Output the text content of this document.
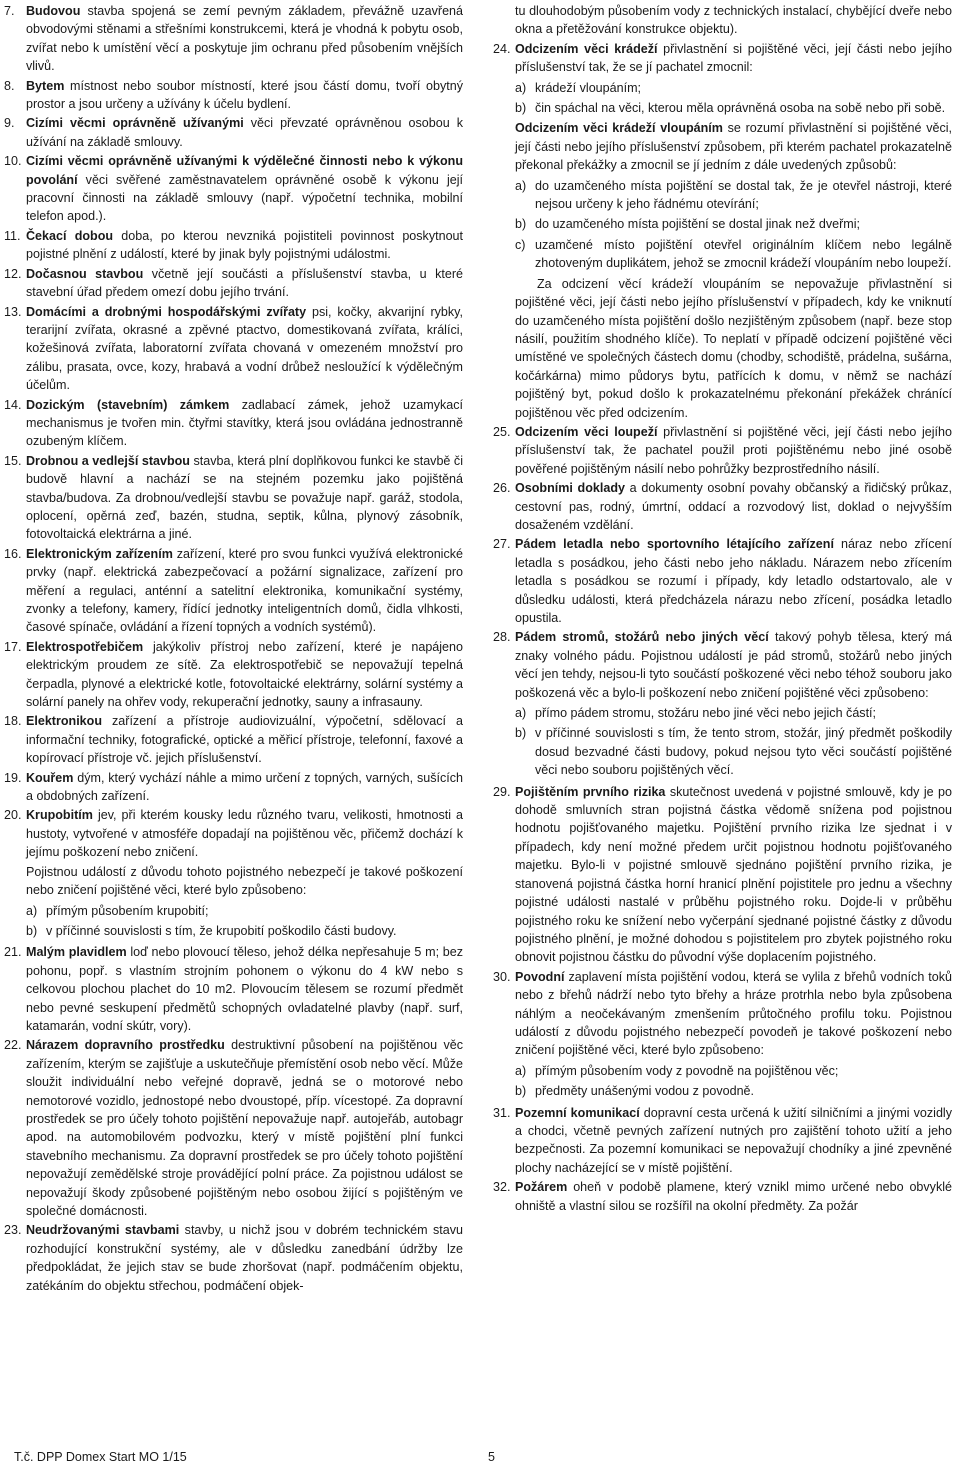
7. Budovou stavba spojená se zemí pevným základem, převážně uzavřená obvodovými stěnami a střešními konstrukcemi, která je vhodná k pobytu osob, zvířat nebo k umístění věcí a poskytuje jim ochranu před působením vnějších vlivů.

8. Bytem místnost nebo soubor místností, které jsou částí domu, tvoří obytný prostor a jsou určeny a užívány k účelu bydlení.

9. Cizími věcmi oprávněně užívanými věci převzaté oprávněnou osobou k užívání na základě smlouvy.

10. Cizími věcmi oprávněně užívanými k výdělečné činnosti nebo k výkonu povolání věci svěřené zaměstnavatelem oprávněné osobě k výkonu její pracovní činnosti na základě smlouvy (např. výpočetní technika, mobilní telefon apod.).

11. Čekací dobou doba, po kterou nevzniká pojistiteli povinnost poskytnout pojistné plnění z událostí, které by jinak byly pojistnými událostmi.

12. Dočasnou stavbou včetně její součásti a příslušenství stavba, u které stavební úřad předem omezí dobu jejího trvání.

13. Domácími a drobnými hospodářskými zvířaty psi, kočky, akvarijní rybky, terarijní zvířata, okrasné a zpěvné ptactvo, domestikovaná zvířata, králíci, kožešinová zvířata, laboratorní zvířata chovaná v omezeném množství pro zálibu, prasata, ovce, kozy, hrabavá a vodní drůbež nesloužící k výdělečným účelům.

14. Dozickým (stavebním) zámkem zadlabací zámek, jehož uzamykací mechanismus je tvořen min. čtyřmi stavítky, která jsou ovládána jednostranně ozubeným klíčem.

15. Drobnou a vedlejší stavbou stavba, která plní doplňkovou funkci ke stavbě či budově hlavní a nachází se na stejném pozemku jako pojištěná stavba/budova. Za drobnou/vedlejší stavbu se považuje např. garáž, stodola, oplocení, opěrná zeď, bazén, studna, septik, kůlna, plynový zásobník, fotovoltaická elektrárna a jiné.

16. Elektronickým zařízením zařízení, které pro svou funkci využívá elektronické prvky (např. elektrická zabezpečovací a požární signalizace, zařízení pro měření a regulaci, anténní a satelitní elektronika, komunikační systémy, zvonky a telefony, kamery, řídící jednotky inteligentních domů, čidla vlhkosti, časové spínače, ovládání a řízení topných a vodních systémů).

17. Elektrospotřebičem jakýkoliv přístroj nebo zařízení, které je napájeno elektrickým proudem ze sítě. Za elektrospotřebič se nepovažují tepelná čerpadla, plynové a elektrické kotle, fotovoltaické elektrárny, solární systémy a solární panely na ohřev vody, rekuperační jednotky, sauny a infrasauny.

18. Elektronikou zařízení a přístroje audiovizuální, výpočetní, sdělovací a informační techniky, fotografické, optické a měřicí přístroje, telefonní, faxové a kopírovací přístroje vč. jejich příslušenství.

19. Kouřem dým, který vychází náhle a mimo určení z topných, varných, sušících a obdobných zařízení.

20. Krupobitím jev, při kterém kousky ledu různého tvaru, velikosti, hmotnosti a hustoty, vytvořené v atmosféře dopadají na pojištěnou věc, přičemž dochází k jejímu poškození nebo zničení.

Pojistnou událostí z důvodu tohoto pojistného nebezpečí je takové poškození nebo zničení pojištěné věci, které bylo způsobeno:

a) přímým působením krupobití;
b) v příčinné souvislosti s tím, že krupobití poškodilo části budovy.
21. Malým plavidlem loď nebo plovoucí těleso, jehož délka nepřesahuje 5 m; bez pohonu, popř. s vlastním strojním pohonem o výkonu do 4 kW nebo s celkovou plochou plachet do 10 m2. Plovoucím tělesem se rozumí předmět nebo pevné seskupení předmětů schopných ovladatelné plavby (např. surf, katamarán, vodní skútr, vory).

22. Nárazem dopravního prostředku destruktivní působení na pojištěnou věc zařízením, kterým se zajišťuje a uskutečňuje přemístění osob nebo věcí. Může sloužit individuální nebo veřejné dopravě, jedná se o motorové nebo nemotorové vozidlo, jednostopé nebo dvoustopé, příp. vícestopé. Za dopravní prostředek se pro účely tohoto pojištění nepovažuje např. autojeřáb, autobagr apod. na automobilovém podvozku, který v místě pojištění plní funkci stavebního mechanismu. Za dopravní prostředek se pro účely tohoto pojištění nepovažují zemědělské stroje provádějící polní práce. Za pojistnou událost se nepovažují škody způsobené pojištěným nebo osobou žijící s pojištěným ve společné domácnosti.

23. Neudržovanými stavbami stavby, u nichž jsou v dobrém technickém stavu rozhodující konstrukční systémy, ale v důsledku zanedbání údržby lze předpokládat, že jejich stav se bude zhoršovat (např. podmáčením objektu, zatékáním do objektu střechou, podmáčení objek-

tu dlouhodobým působením vody z technických instalací, chybějící dveře nebo okna a přetěžování konstrukce objektu).
24. Odcizením věci krádeží přivlastnění si pojištěné věci, její části nebo jejího příslušenství tak, že se jí pachatel zmocnil:

a) krádeží vloupáním;
b) čin spáchal na věci, kterou měla oprávněná osoba na sobě nebo při sobě.

Odcizením věci krádeží vloupáním se rozumí přivlastnění si pojištěné věci, její části nebo jejího příslušenství způsobem, při kterém pachatel prokazatelně překonal překážky a zmocnil se jí jedním z dále uvedených způsobů:

a) do uzamčeného místa pojištění se dostal tak, že je otevřel nástroji, které nejsou určeny k jeho řádnému otevírání;
b) do uzamčeného místa pojištění se dostal jinak než dveřmi;
c) uzamčené místo pojištění otevřel originálním klíčem nebo legálně zhotoveným duplikátem, jehož se zmocnil krádeží vloupáním nebo loupeží.

Za odcizení věcí krádeží vloupáním se nepovažuje přivlastnění si pojištěné věci, její části nebo jejího příslušenství v případech, kdy ke vniknutí do uzamčeného místa pojištění došlo nezjištěným způsobem (např. beze stop násilí, použitím shodného klíče). To neplatí v případě odcizení pojištěné věci umístěné ve společných částech domu (chodby, schodiště, prádelna, sušárna, kočárkárna) mimo půdorys bytu, patřících k domu, v němž se nachází pojištěný byt, pokud došlo k prokazatelnému překonání překážek chránící pojištěnou věc před odcizením.

25. Odcizením věci loupeží přivlastnění si pojištěné věci, její části nebo jejího příslušenství tak, že pachatel použil proti pojištěnému nebo jiné osobě pověřené pojištěným násilí nebo pohrůžky bezprostředního násilí.

26. Osobními doklady a dokumenty osobní povahy občanský a řidičský průkaz, cestovní pas, rodný, úmrtní, oddací a rozvodový list, doklad o nejvyšším dosaženém vzdělání.

27. Pádem letadla nebo sportovního létajícího zařízení náraz nebo zřícení letadla s posádkou, jeho části nebo jeho nákladu. Nárazem nebo zřícením letadla s posádkou se rozumí i případy, kdy letadlo odstartovalo, ale v důsledku události, která předcházela nárazu nebo zřícení, posádka letadlo opustila.

28. Pádem stromů, stožárů nebo jiných věcí takový pohyb tělesa, který má znaky volného pádu. Pojistnou událostí je pád stromů, stožárů nebo jiných věcí jen tehdy, nejsou-li tyto součástí poškozené věci nebo téhož souboru jako poškozená věc a bylo-li poškození nebo zničení pojištěné věci způsobeno:

a) přímo pádem stromu, stožáru nebo jiné věci nebo jejich částí;
b) v příčinné souvislosti s tím, že tento strom, stožár, jiný předmět poškodily dosud bezvadné části budovy, pokud nejsou tyto věci součástí pojištěné věci nebo souboru pojištěných věcí.
29. Pojištěním prvního rizika skutečnost uvedená v pojistné smlouvě, kdy je po dohodě smluvních stran pojistná částka vědomě snížena pod pojistnou hodnotu pojišťovaného majetku. Pojištění prvního rizika lze sjednat i v případech, kdy není možné předem určit pojistnou hodnotu pojišťovaného majetku. Bylo-li v pojistné smlouvě sjednáno pojištění prvního rizika, je stanovená pojistná částka horní hranicí plnění pojistitele pro jednu a všechny pojistné události nastalé v průběhu pojistného roku. Dojde-li v průběhu pojistného roku ke snížení nebo vyčerpání sjednané pojistné částky z důvodu pojistného plnění, je možné dohodou s pojistitelem pro zbytek pojistného roku obnovit pojistnou částku do původní výše doplacením pojistného.

30. Povodní zaplavení místa pojištění vodou, která se vylila z břehů vodních toků nebo z břehů nádrží nebo tyto břehy a hráze protrhla nebo byla způsobena náhlým a neočekávaným zmenšením průtočného profilu toku. Pojistnou událostí z důvodu pojistného nebezpečí povodeň je takové poškození nebo zničení pojištěné věci, které bylo způsobeno:

a) přímým působením vody z povodně na pojištěnou věc;
b) předměty unášenými vodou z povodně.
31. Pozemní komunikací dopravní cesta určená k užití silničními a jinými vozidly a chodci, včetně pevných zařízení nutných pro zajištění tohoto užití a jeho bezpečnosti. Za pozemní komunikaci se nepovažují chodníky a jiné zpevněné plochy nacházející se v místě pojištění.

32. Požárem oheň v podobě plamene, který vznikl mimo určené nebo obvyklé ohniště a vlastní silou se rozšířil na okolní předměty. Za požár

T.č. DPP Domex Start MO 1/15	5
